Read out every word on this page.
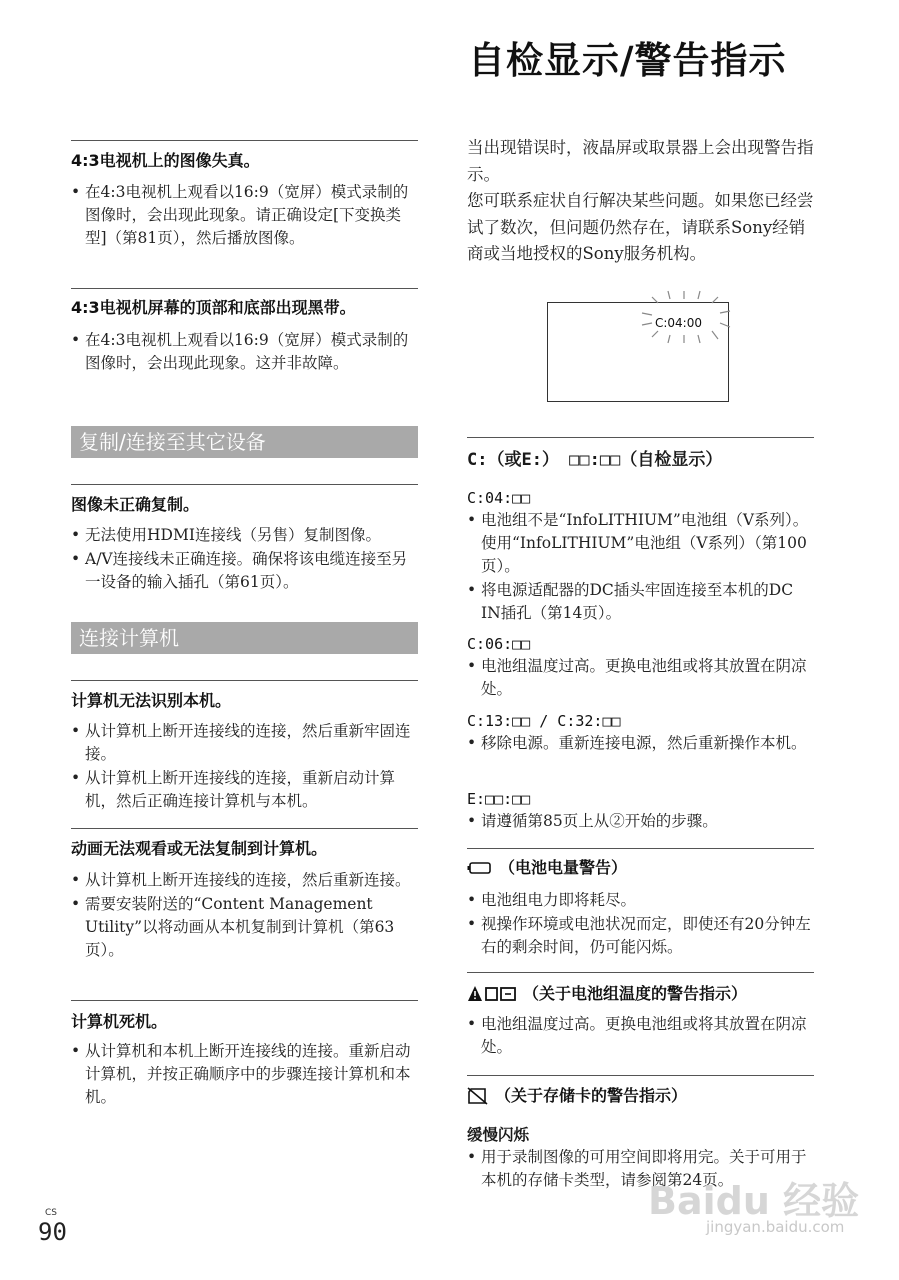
自检显示/警告指示
4:3电视机上的图像失真。
• 在4:3电视机上观看以16:9（宽屏）模式录制的图像时，会出现此现象。请正确设定[下变换类型]（第81页），然后播放图像。
4:3电视机屏幕的顶部和底部出现黑带。
• 在4:3电视机上观看以16:9（宽屏）模式录制的图像时，会出现此现象。这并非故障。
复制/连接至其它设备
图像未正确复制。
• 无法使用HDMI连接线（另售）复制图像。
• A/V连接线未正确连接。确保将该电缆连接至另一设备的输入插孔（第61页）。
连接计算机
计算机无法识别本机。
• 从计算机上断开连接线的连接，然后重新牢固连接。
• 从计算机上断开连接线的连接，重新启动计算机，然后正确连接计算机与本机。
动画无法观看或无法复制到计算机。
• 从计算机上断开连接线的连接，然后重新连接。
• 需要安装附送的“Content Management Utility”以将动画从本机复制到计算机（第63页）。
计算机死机。
• 从计算机和本机上断开连接线的连接。重新启动计算机，并按正确顺序中的步骤连接计算机和本机。
当出现错误时，液晶屏或取景器上会出现警告指示。
您可联系症状自行解决某些问题。如果您已经尝试了数次，但问题仍然存在，请联系Sony经销商或当地授权的Sony服务机构。
C:04:00
C:（或E:） □□:□□（自检显示）
C:04:□□
• 电池组不是“InfoLITHIUM”电池组（V系列）。使用“InfoLITHIUM”电池组（V系列）（第100页）。
• 将电源适配器的DC插头牢固连接至本机的DC IN插孔（第14页）。
C:06:□□
• 电池组温度过高。更换电池组或将其放置在阴凉处。
C:13:□□ / C:32:□□
• 移除电源。重新连接电源，然后重新操作本机。
E:□□:□□
• 请遵循第85页上从②开始的步骤。
（电池电量警告）
• 电池组电力即将耗尽。
• 视操作环境或电池状况而定，即使还有20分钟左右的剩余时间，仍可能闪烁。
（关于电池组温度的警告指示）
• 电池组温度过高。更换电池组或将其放置在阴凉处。
（关于存储卡的警告指示）
缓慢闪烁
• 用于录制图像的可用空间即将用完。关于可用于本机的存储卡类型，请参阅第24页。
CS
90
Baidu 经验
jingyan.baidu.com
